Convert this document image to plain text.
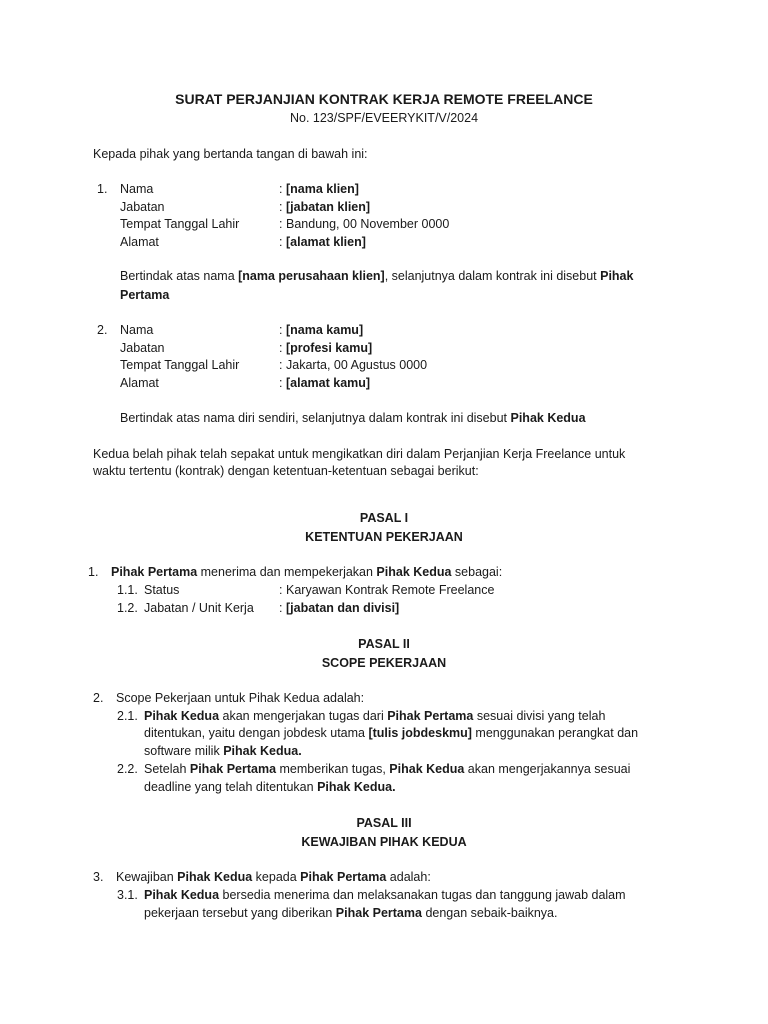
SURAT PERJANJIAN KONTRAK KERJA REMOTE FREELANCE
No. 123/SPF/EVEERYKIT/V/2024
Kepada pihak yang bertanda tangan di bawah ini:
1. Nama	: [nama klien]
Jabatan	: [jabatan klien]
Tempat Tanggal Lahir	: Bandung, 00 November 0000
Alamat	: [alamat klien]
Bertindak atas nama [nama perusahaan klien], selanjutnya dalam kontrak ini disebut Pihak
Pertama
2. Nama	: [nama kamu]
Jabatan	: [profesi kamu]
Tempat Tanggal Lahir	: Jakarta, 00 Agustus 0000
Alamat	: [alamat kamu]
Bertindak atas nama diri sendiri, selanjutnya dalam kontrak ini disebut Pihak Kedua
Kedua belah pihak telah sepakat untuk mengikatkan diri dalam Perjanjian Kerja Freelance untuk
waktu tertentu (kontrak) dengan ketentuan-ketentuan sebagai berikut:
PASAL I
KETENTUAN PEKERJAAN
1. Pihak Pertama menerima dan mempekerjakan Pihak Kedua sebagai:
1.1. Status	: Karyawan Kontrak Remote Freelance
1.2. Jabatan / Unit Kerja : [jabatan dan divisi]
PASAL II
SCOPE PEKERJAAN
2. Scope Pekerjaan untuk Pihak Kedua adalah:
2.1. Pihak Kedua akan mengerjakan tugas dari Pihak Pertama sesuai divisi yang telah
ditentukan, yaitu dengan jobdesk utama [tulis jobdeskmu] menggunakan perangkat dan
software milik Pihak Kedua.
2.2. Setelah Pihak Pertama memberikan tugas, Pihak Kedua akan mengerjakannya sesuai
deadline yang telah ditentukan Pihak Kedua.
PASAL III
KEWAJIBAN PIHAK KEDUA
3. Kewajiban Pihak Kedua kepada Pihak Pertama adalah:
3.1. Pihak Kedua bersedia menerima dan melaksanakan tugas dan tanggung jawab dalam
pekerjaan tersebut yang diberikan Pihak Pertama dengan sebaik-baiknya.
